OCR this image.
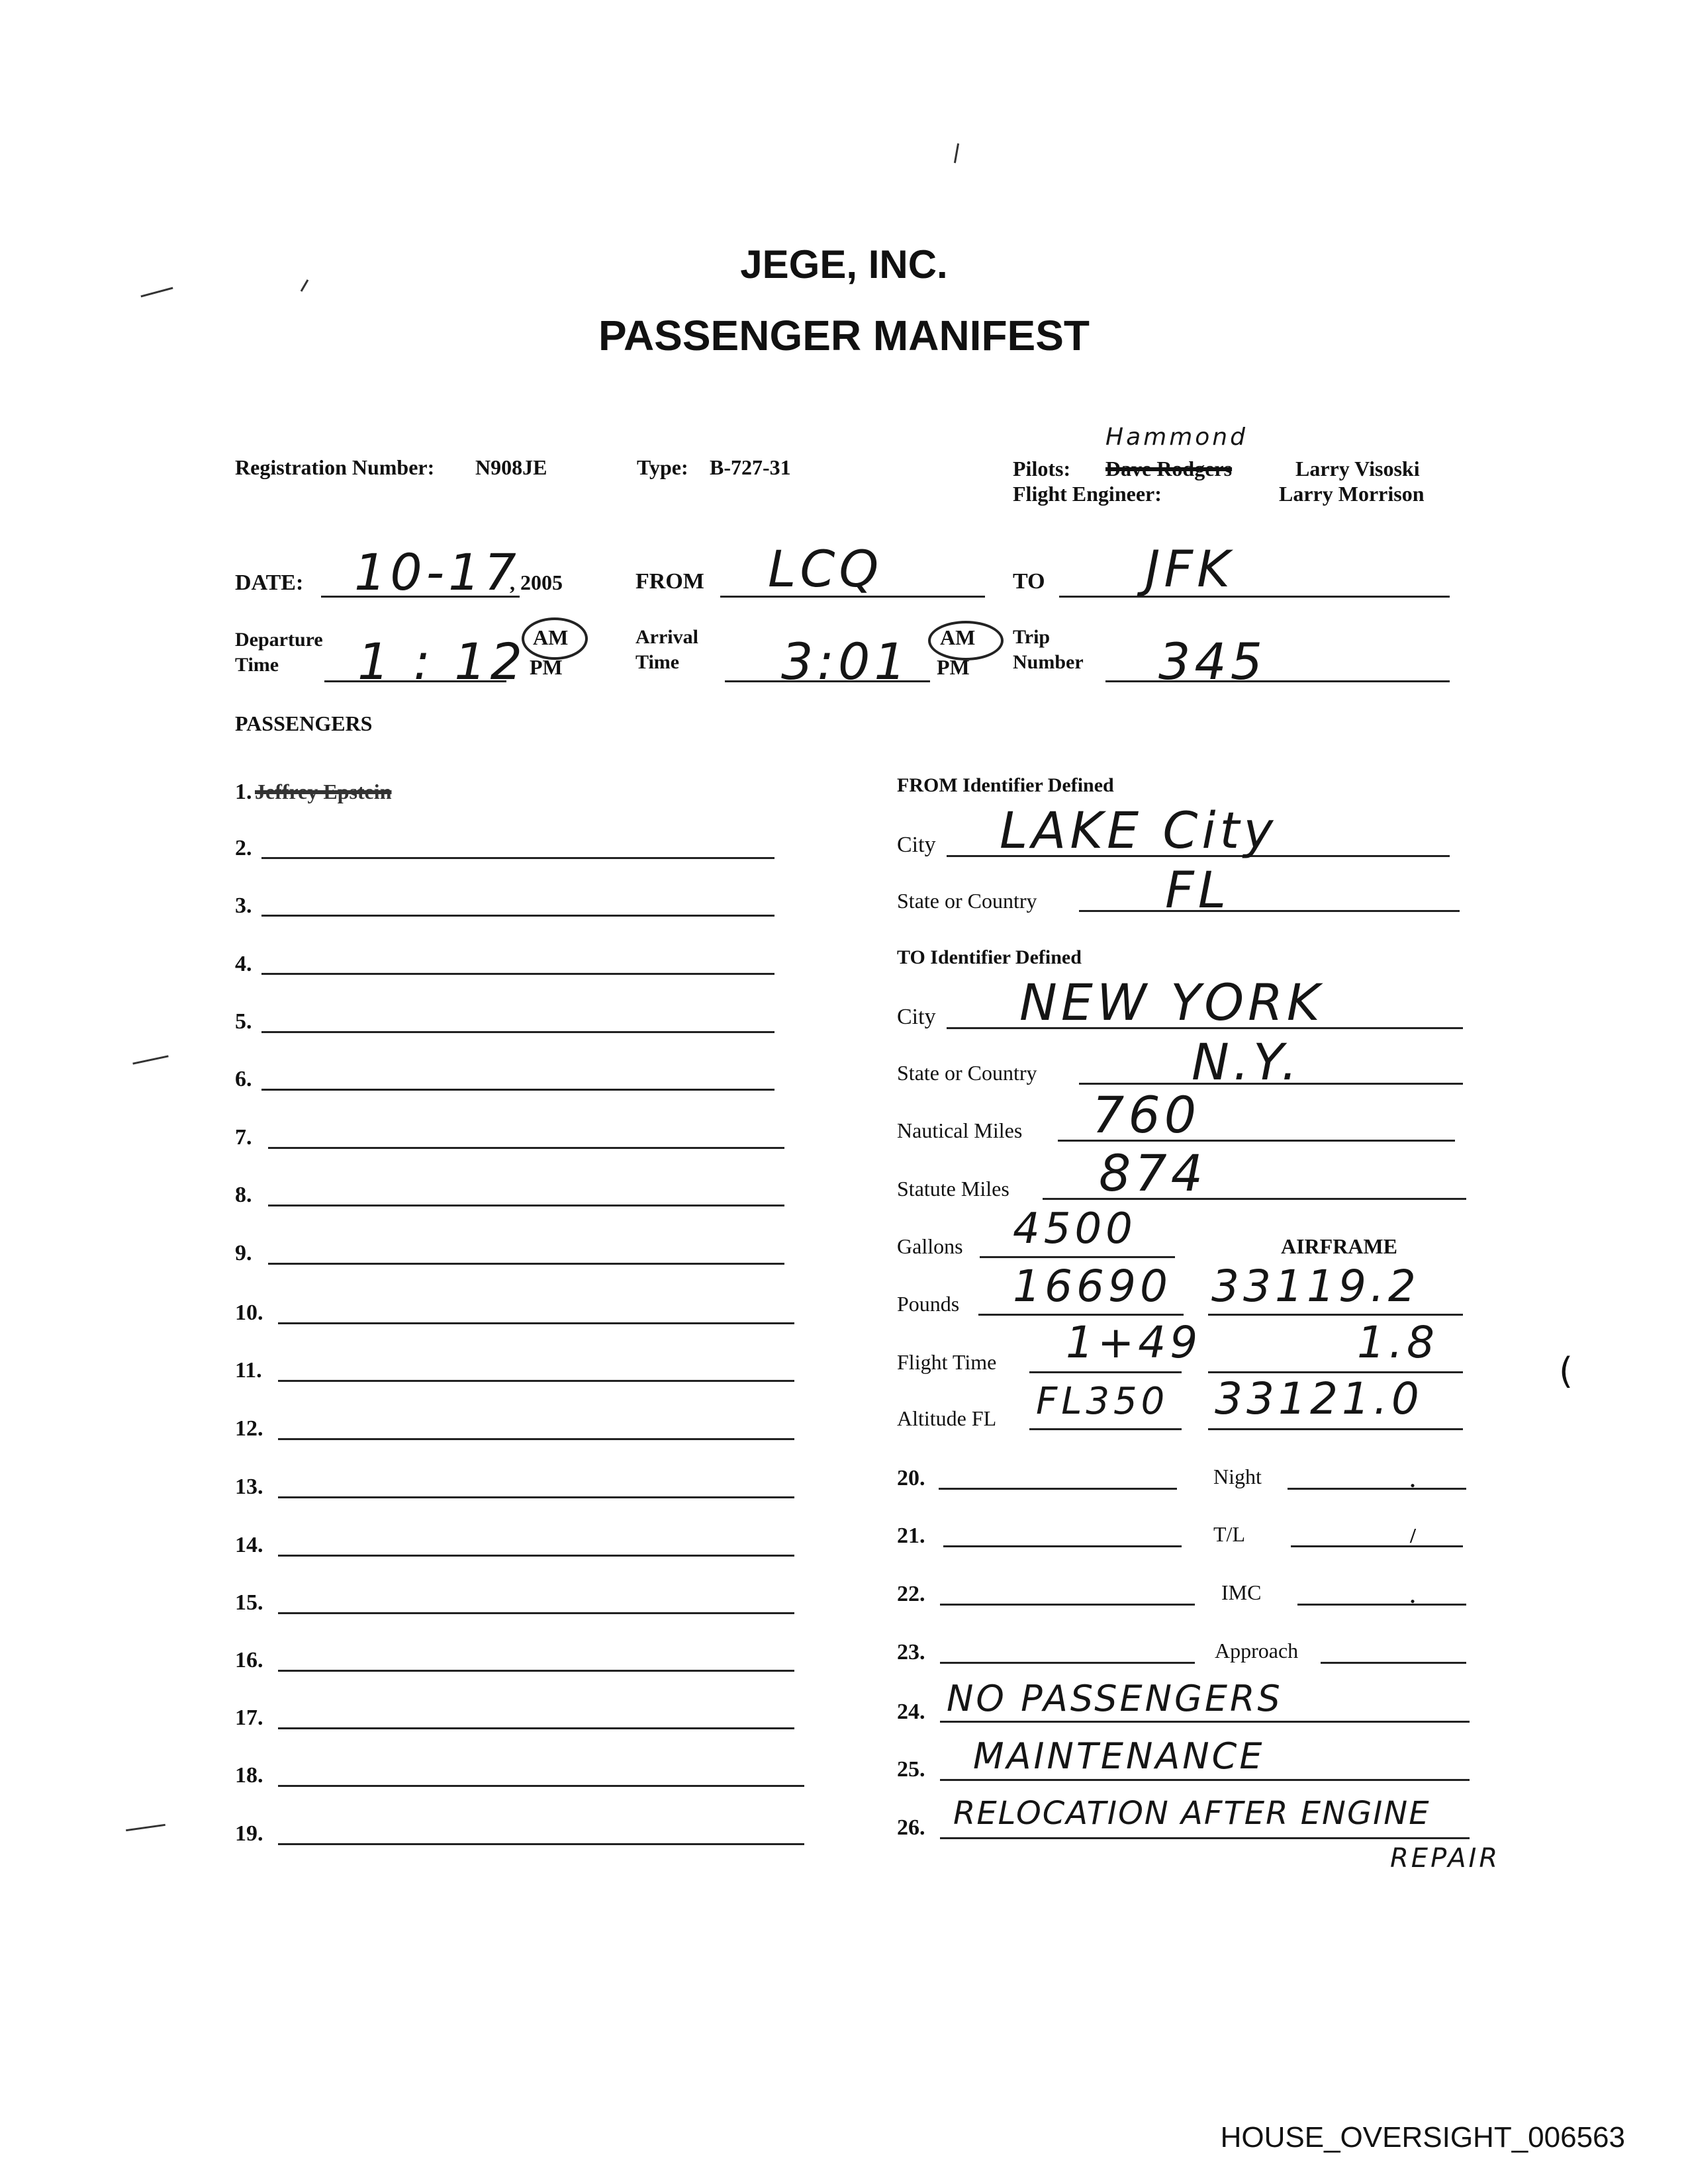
JEGE, INC.
PASSENGER MANIFEST
Registration Number: N908JE	Type: B-727-31	Pilots:
Hammond
Dave Rodgers	Larry Visoski
Flight Engineer:	Larry Morrison
DATE: 10-17
, 2005	FROM LCQ	TO JFK
Departure
Time	1 : 12 AM
PM
Arrival
Time	3:01 AM
PM
Trip
Number 345
PASSENGERS
1. Jeffrey Epstein
2.
3.
4.
5.
6.
7.
8.
9.
10.
11.
12.
13.
14.
15.
16.
17.
18.
19.
FROM Identifier Defined
City LAKE City
State or Country	FL
TO Identifier Defined
City NEW YORK
State or Country	N.Y.
Nautical Miles 760
Statute Miles 874
Gallons 4500	AIRFRAME
Pounds 16690 33119.2
Flight Time 1+49	1.8
Altitude FL FL350 33121.0
20.	Night	.
21.	T/L	/
22.	IMC	.
23.	Approach
24. NO PASSENGERS
25. MAINTENANCE
26. RELOCATION AFTER ENGINE
REPAIR
(
HOUSE_OVERSIGHT_006563
